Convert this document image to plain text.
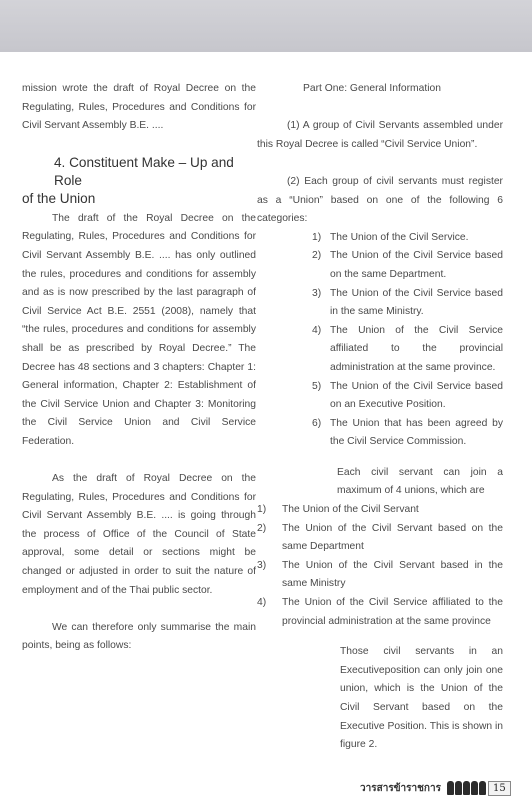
mission wrote the draft of Royal Decree on the Regulating, Rules, Procedures and Conditions for Civil Servant Assembly B.E. ....

4. Constituent Make – Up and Role
of the Union

The draft of the Royal Decree on the Regulating, Rules, Procedures and Conditions for Civil Servant Assembly B.E. .... has only outlined the rules, procedures and conditions for assembly and as is now prescribed by the last paragraph of Civil Service Act B.E. 2551 (2008), namely that “the rules, procedures and conditions for assembly shall be as prescribed by Royal Decree.” The Decree has 48 sections and 3 chapters: Chapter 1: General information, Chapter 2: Establishment of the Civil Service Union and Chapter 3: Monitoring the Civil Service Union and Civil Service Federation.

As the draft of Royal Decree on the Regulating, Rules, Procedures and Conditions for Civil Servant Assembly B.E. .... is going through the process of Office of the Council of State approval, some detail or sections might be changed or adjusted in order to suit the nature of employment and of the Thai public sector.

We can therefore only summarise the main points, being as follows:

Part One: General Information

(1) A group of Civil Servants assembled under this Royal Decree is called “Civil Service Union”.

(2) Each group of civil servants must register as a “Union” based on one of the following 6 categories:

1) The Union of the Civil Service.
2) The Union of the Civil Service based on the same Department.
3) The Union of the Civil Service based in the same Ministry.
4) The Union of the Civil Service affiliated to the provincial administration at the same province.
5) The Union of the Civil Service based on an Executive Position.
6) The Union that has been agreed by the Civil Service Commission.

Each civil servant can join a maximum of 4 unions, which are

1)	The Union of the Civil Servant
2)	The Union of the Civil Servant based on the same Department
3)	The Union of the Civil Servant based in the same Ministry
4)	The Union of the Civil Service affiliated to the provincial administration at the same province

Those civil servants in an Executiveposition can only join one union, which is the Union of the Civil Servant based on the Executive Position. This is shown in figure 2.

วารสารข้าราชการ	15
